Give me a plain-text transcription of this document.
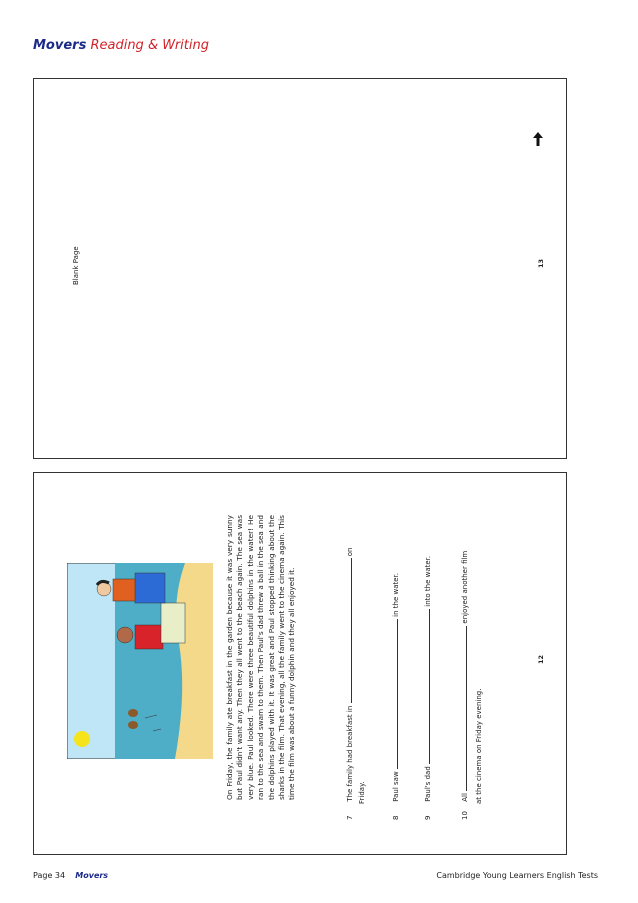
Movers Reading & Writing
Blank Page	13
On Friday, the family ate breakfast in the garden because it was very sunny but Paul didn't want any. Then they all went to the beach again. The sea was very blue. Paul looked. There were three beautiful dolphins in the water! He ran to the sea and swam to them. Then Paul's dad threw a ball in the sea and the dolphins played with it. It was great and Paul stopped thinking about the sharks in the film. That evening, all the family went to the cinema again. This time the film was about a funny dolphin and they all enjoyed it.
7 The family had breakfast in  on
Friday.
8 Paul saw  in the water.
9 Paul's dad  into the water.
10 All  enjoyed another film
at the cinema on Friday evening.
12
Page 34 Movers	Cambridge Young Learners English Tests
